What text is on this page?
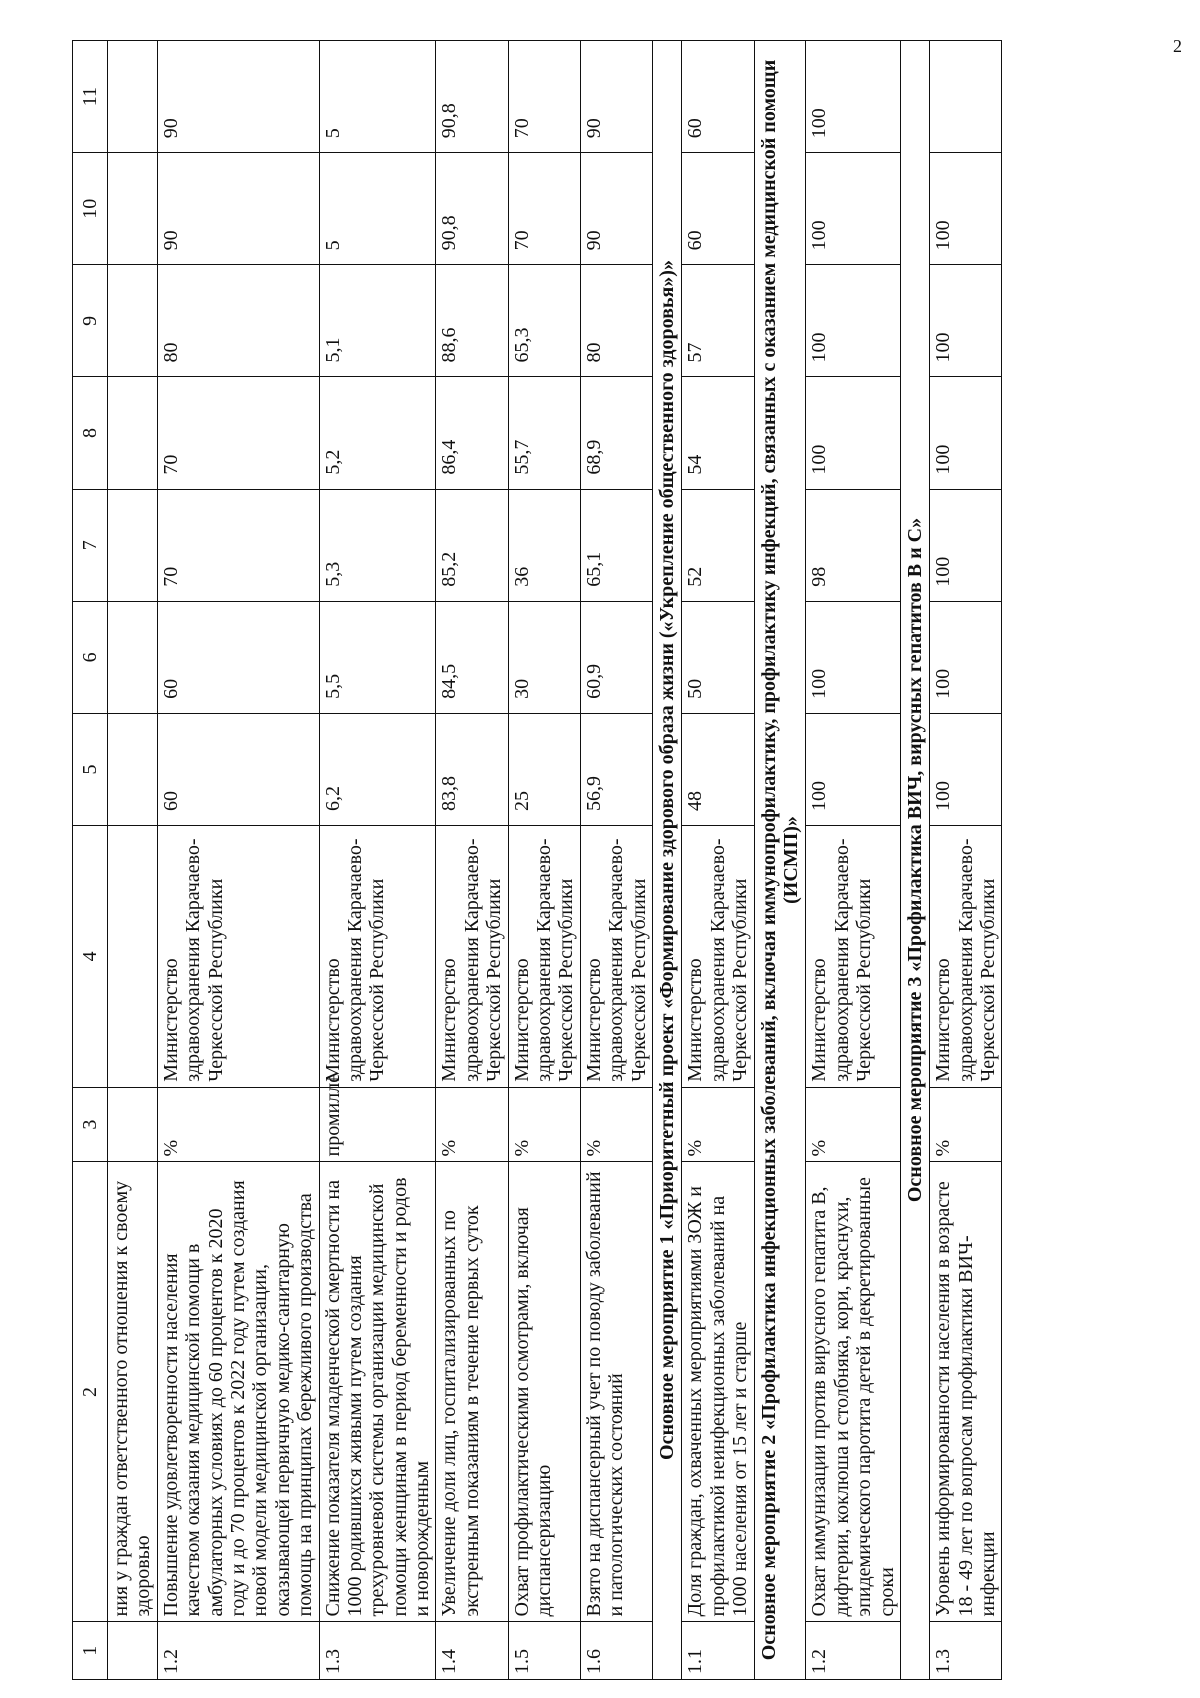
2
1	2	3	4	5	6	7	8	9	10	11
	ния у граждан ответственного отношения к своему здоровью									
1.2	Повышение удовлетворенности населения качеством оказания медицинской помощи в амбулаторных условиях до 60 процентов к 2020 году и до 70 процентов к 2022 году путем создания новой модели медицинской организации, оказывающей первичную медико-санитарную помощь на принципах бережливого производства	%	Министерство здравоохранения Карачаево-Черкесской Республики	60	60	70	70	80	90	90
1.3	Снижение показателя младенческой смертности на 1000 родившихся живыми путем создания трехуровневой системы организации медицинской помощи женщинам в период беременности и родов и новорожденным	промилле	Министерство здравоохранения Карачаево-Черкесской Республики	6,2	5,5	5,3	5,2	5,1	5	5
1.4	Увеличение доли лиц, госпитализированных по экстренным показаниям в течение первых суток	%	Министерство здравоохранения Карачаево-Черкесской Республики	83,8	84,5	85,2	86,4	88,6	90,8	90,8
1.5	Охват профилактическими осмотрами, включая диспансеризацию	%	Министерство здравоохранения Карачаево-Черкесской Республики	25	30	36	55,7	65,3	70	70
1.6	Взято на диспансерный учет по поводу заболеваний и патологических состояний	%	Министерство здравоохранения Карачаево-Черкесской Республики	56,9	60,9	65,1	68,9	80	90	90
Основное мероприятие 1 «Приоритетный проект «Формирование здорового образа жизни («Укрепление общественного здоровья»)»										
1.1	Доля граждан, охваченных мероприятиями ЗОЖ и профилактикой неинфекционных заболеваний на 1000 населения от 15 лет и старше	%	Министерство здравоохранения Карачаево-Черкесской Республики	48	50	52	54	57	60	60
Основное мероприятие 2 «Профилактика инфекционных заболеваний, включая иммунопрофилактику, профилактику инфекций, связанных с оказанием медицинской помощи (ИСМП)»										
1.2	Охват иммунизации против вирусного гепатита В, дифтерии, коклюша и столбняка, кори, краснухи, эпидемического паротита детей в декретированные сроки	%	Министерство здравоохранения Карачаево-Черкесской Республики	100	100	98	100	100	100	100
Основное мероприятие 3 «Профилактика ВИЧ, вирусных гепатитов В и С»										
1.3	Уровень информированности населения в возрасте 18 - 49 лет по вопросам профилактики ВИЧ-инфекции	%	Министерство здравоохранения Карачаево-Черкесской Республики	100	100	100	100	100	100	
